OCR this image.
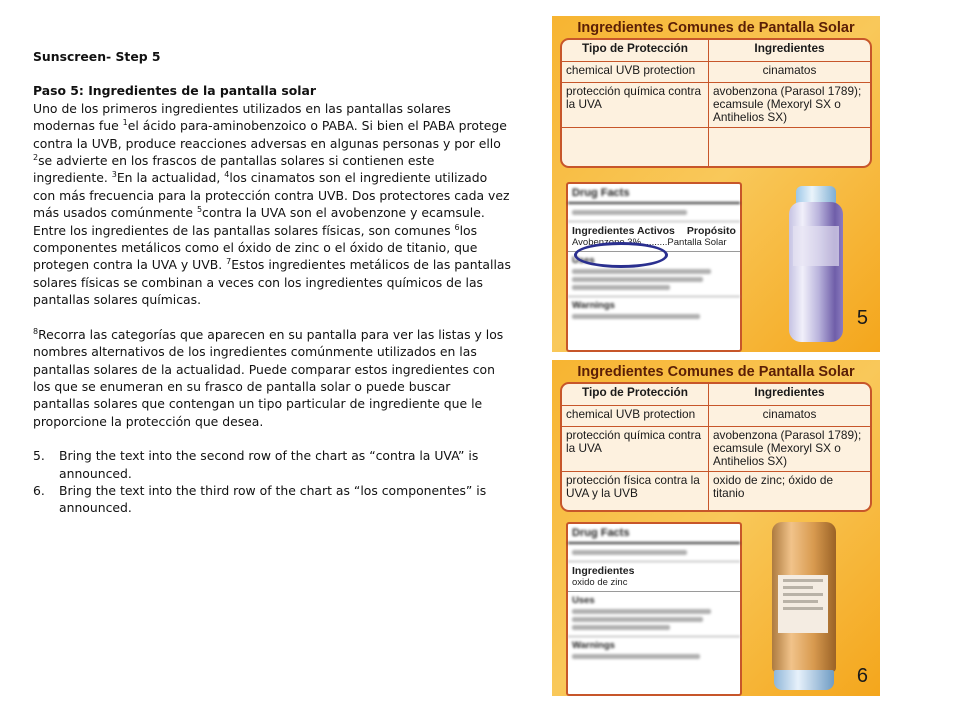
Sunscreen- Step 5
Paso 5: Ingredientes de la pantalla solar

Uno de los primeros ingredientes utilizados en las pantallas solares modernas fue $^1$el ácido para-aminobenzoico o PABA. Si bien el PABA protege contra la UVB, produce reacciones adversas en algunas personas y por ello $^2$se advierte en los frascos de pantallas solares si contienen este ingrediente. $^3$En la actualidad, $^4$los cinamatos son el ingrediente utilizado con más frecuencia para la protección contra UVB. Dos protectores cada vez más usados comúnmente $^5$contra la UVA son el avobenzone y ecamsule. Entre los ingredientes de las pantallas solares físicas, son comunes $^6$los componentes metálicos como el óxido de zinc o el óxido de titanio, que protegen contra la UVA y UVB. $^7$Estos ingredientes metálicos de las pantallas solares físicas se combinan a veces con los ingredientes químicos de las pantallas solares químicas.

$^8$Recorra las categorías que aparecen en su pantalla para ver las listas y los nombres alternativos de los ingredientes comúnmente utilizados en las pantallas solares de la actualidad. Puede comparar estos ingredientes con los que se enumeran en su frasco de pantalla solar o puede buscar pantallas solares que contengan un tipo particular de ingrediente que le proporcione la protección que desea.

5. Bring the text into the second row of the chart as “contra la UVA” is announced.
6. Bring the text into the third row of the chart as “los componentes” is announced.
Ingredientes Comunes de Pantalla Solar
Tipo de Protección	Ingredientes
chemical UVB protection	cinamatos
protección química contra la UVA	avobenzona (Parasol 1789); ecamsule (Mexoryl SX o Antihelios SX)

Drug Facts
Ingredientes Activos Propósito
Avobenzone 3%..........Pantalla Solar
Uses
Warnings
5
Ingredientes Comunes de Pantalla Solar
Tipo de Protección	Ingredientes
chemical UVB protection	cinamatos
protección química contra la UVA	avobenzona (Parasol 1789); ecamsule (Mexoryl SX o Antihelios SX)
protección física contra la UVA y la UVB	oxido de zinc; óxido de titanio
Drug Facts
Ingredientes
oxido de zinc
Uses
Warnings
6
